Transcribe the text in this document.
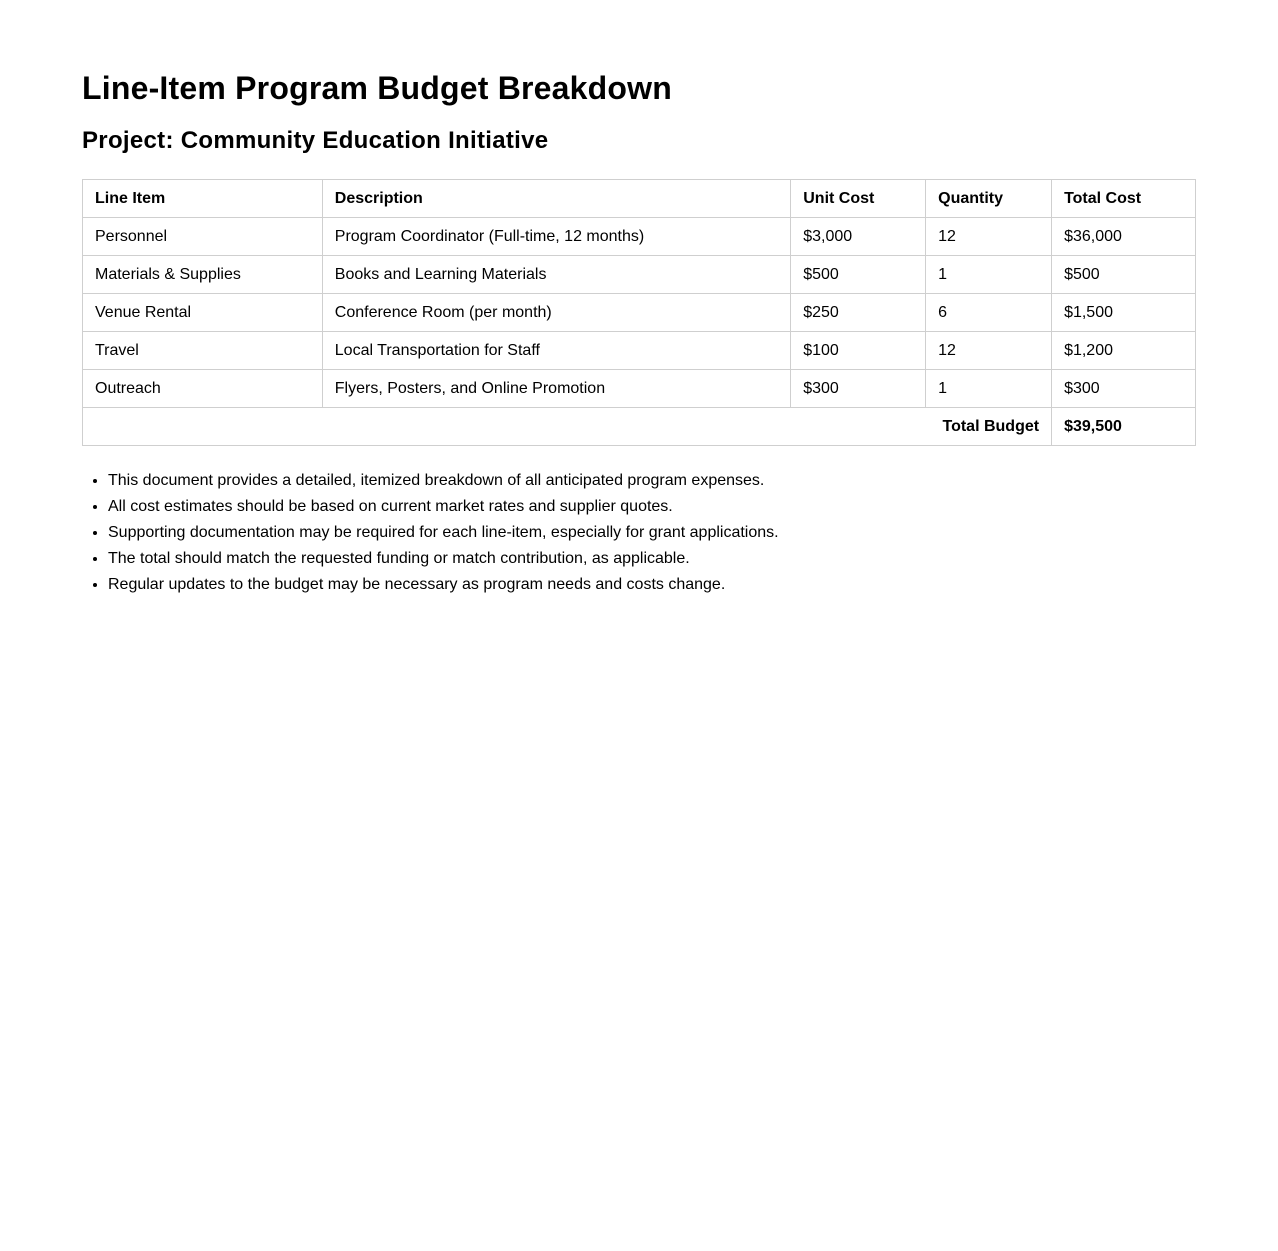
Line-Item Program Budget Breakdown
Project: Community Education Initiative
Line Item	Description	Unit Cost	Quantity	Total Cost
Personnel	Program Coordinator (Full-time, 12 months)	$3,000	12	$36,000
Materials & Supplies	Books and Learning Materials	$500	1	$500
Venue Rental	Conference Room (per month)	$250	6	$1,500
Travel	Local Transportation for Staff	$100	12	$1,200
Outreach	Flyers, Posters, and Online Promotion	$300	1	$300
Total Budget				$39,500
• This document provides a detailed, itemized breakdown of all anticipated program expenses.
• All cost estimates should be based on current market rates and supplier quotes.
• Supporting documentation may be required for each line-item, especially for grant applications.
• The total should match the requested funding or match contribution, as applicable.
• Regular updates to the budget may be necessary as program needs and costs change.
